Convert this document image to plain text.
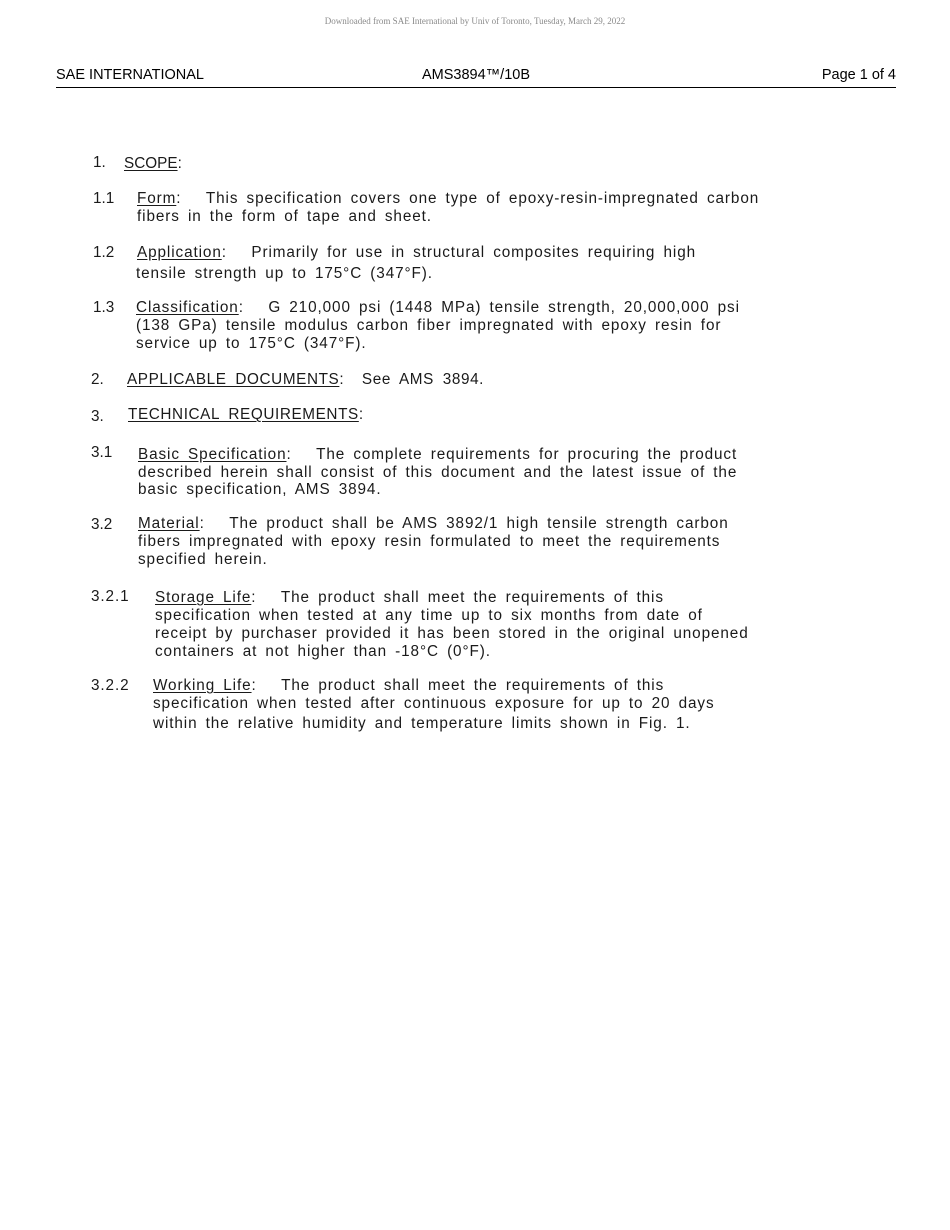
Downloaded from SAE International by Univ of Toronto, Tuesday, March 29, 2022
SAE INTERNATIONAL	AMS3894™/10B	Page 1 of 4
1. SCOPE:
1.1 Form: This specification covers one type of epoxy-resin-impregnated carbon
fibers in the form of tape and sheet.
1.2 Application: Primarily for use in structural composites requiring high
tensile strength up to 175°C (347°F).
1.3 Classification: G 210,000 psi (1448 MPa) tensile strength, 20,000,000 psi
(138 GPa) tensile modulus carbon fiber impregnated with epoxy resin for
service up to 175°C (347°F).
2. APPLICABLE DOCUMENTS: See AMS 3894.
3. TECHNICAL REQUIREMENTS:
3.1 Basic Specification: The complete requirements for procuring the product
described herein shall consist of this document and the latest issue of the
basic specification, AMS 3894.
3.2 Material: The product shall be AMS 3892/1 high tensile strength carbon
fibers impregnated with epoxy resin formulated to meet the requirements
specified herein.
3.2.1 Storage Life: The product shall meet the requirements of this
specification when tested at any time up to six months from date of
receipt by purchaser provided it has been stored in the original unopened
containers at not higher than -18°C (0°F).
3.2.2 Working Life: The product shall meet the requirements of this
specification when tested after continuous exposure for up to 20 days
within the relative humidity and temperature limits shown in Fig. 1.
